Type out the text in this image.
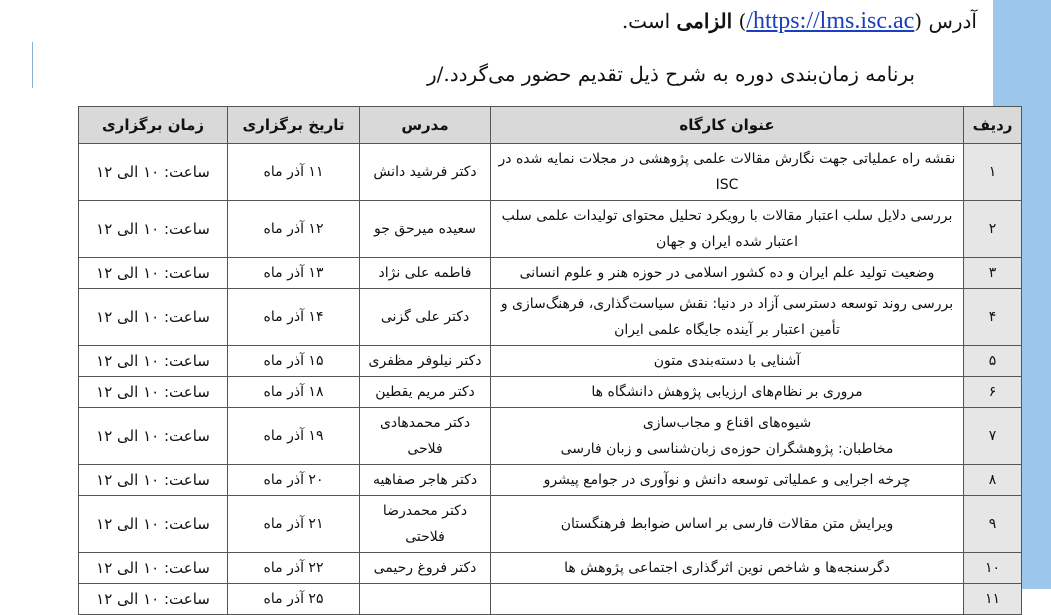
آدرس (https://lms.isc.ac/) الزامی است.
برنامه زمان‌بندی دوره به شرح ذیل تقدیم حضور می‌گردد./ر
ردیف	عنوان کارگاه	مدرس	تاریخ برگزاری	زمان برگزاری
۱	نقشه راه عملیاتی جهت نگارش مقالات علمی پژوهشی در مجلات نمایه شده در ISC	دکتر فرشید دانش	۱۱ آذر ماه	ساعت: ۱۰ الی ۱۲
۲	بررسی دلایل سلب اعتبار مقالات با رویکرد تحلیل محتوای تولیدات علمی سلب اعتبار شده ایران و جهان	سعیده میرحق جو	۱۲ آذر ماه	ساعت: ۱۰ الی ۱۲
۳	وضعیت تولید علم ایران و ده کشور اسلامی در حوزه هنر و علوم انسانی	فاطمه علی نژاد	۱۳ آذر ماه	ساعت: ۱۰ الی ۱۲
۴	بررسی روند توسعه دسترسی آزاد در دنیا: نقش سیاست‌گذاری، فرهنگ‌سازی و تأمین اعتبار بر آینده جایگاه علمی ایران	دکتر علی گزنی	۱۴ آذر ماه	ساعت: ۱۰ الی ۱۲
۵	آشنایی با دسته‌بندی متون	دکتر نیلوفر مظفری	۱۵ آذر ماه	ساعت: ۱۰ الی ۱۲
۶	مروری بر نظام‌های ارزیابی پژوهش دانشگاه ها	دکتر مریم یقطین	۱۸ آذر ماه	ساعت: ۱۰ الی ۱۲
۷	شیوه‌های اقناع و مجاب‌سازی
مخاطبان: پژوهشگران حوزه‌ی زبان‌شناسی و زبان فارسی	دکتر محمدهادی فلاحی	۱۹ آذر ماه	ساعت: ۱۰ الی ۱۲
۸	چرخه اجرایی و عملیاتی توسعه دانش و نوآوری در جوامع پیشرو	دکتر هاجر صفاهیه	۲۰ آذر ماه	ساعت: ۱۰ الی ۱۲
۹	ویرایش متن مقالات فارسی بر اساس ضوابط فرهنگستان	دکتر محمدرضا فلاحتی	۲۱ آذر ماه	ساعت: ۱۰ الی ۱۲
۱۰	دگرسنجه‌ها و شاخص نوین اثرگذاری اجتماعی پژوهش ها	دکتر فروغ رحیمی	۲۲ آذر ماه	ساعت: ۱۰ الی ۱۲
۱۱			۲۵ آذر ماه	ساعت: ۱۰ الی ۱۲
